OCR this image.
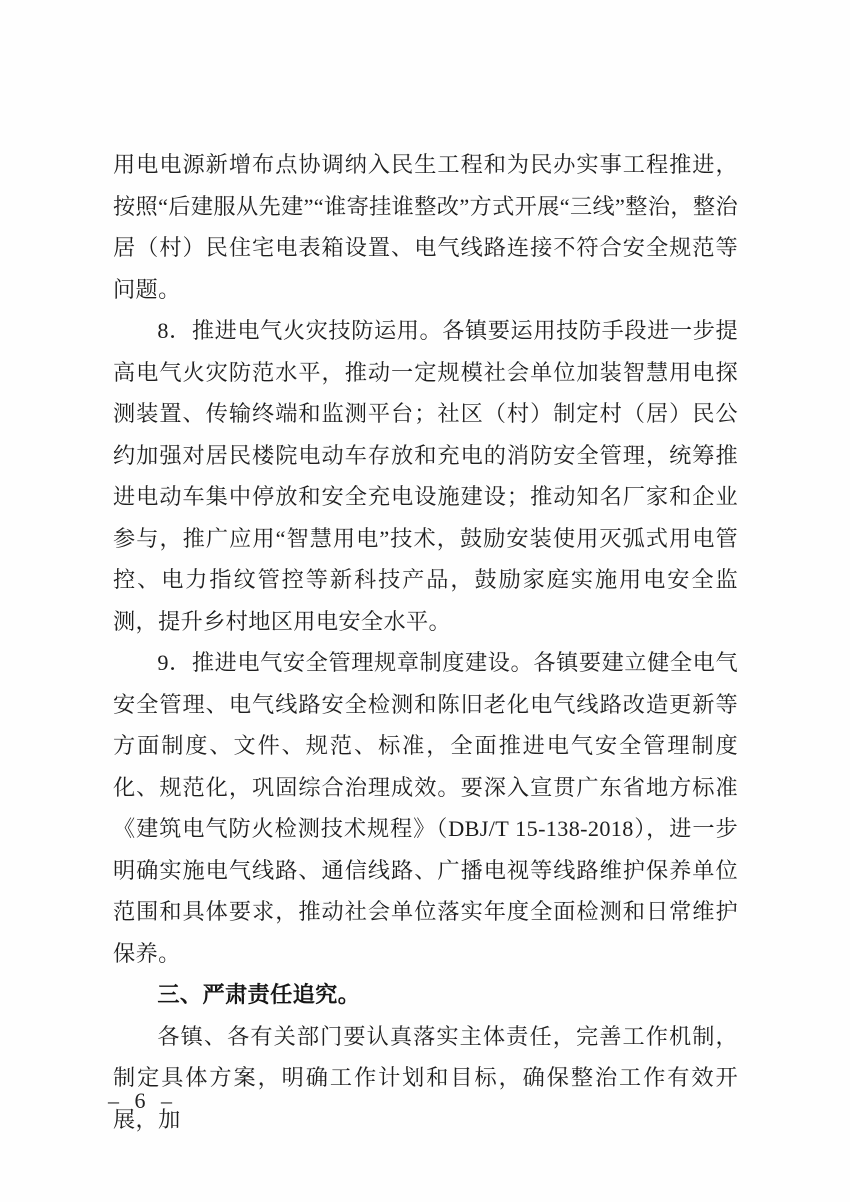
用电电源新增布点协调纳入民生工程和为民办实事工程推进，按照“后建服从先建”“谁寄挂谁整改”方式开展“三线”整治，整治居（村）民住宅电表箱设置、电气线路连接不符合安全规范等问题。

8．推进电气火灾技防运用。各镇要运用技防手段进一步提高电气火灾防范水平，推动一定规模社会单位加装智慧用电探测装置、传输终端和监测平台；社区（村）制定村（居）民公约加强对居民楼院电动车存放和充电的消防安全管理，统筹推进电动车集中停放和安全充电设施建设；推动知名厂家和企业参与，推广应用“智慧用电”技术，鼓励安装使用灭弧式用电管控、电力指纹管控等新科技产品，鼓励家庭实施用电安全监测，提升乡村地区用电安全水平。

9．推进电气安全管理规章制度建设。各镇要建立健全电气安全管理、电气线路安全检测和陈旧老化电气线路改造更新等方面制度、文件、规范、标准，全面推进电气安全管理制度化、规范化，巩固综合治理成效。要深入宣贯广东省地方标准《建筑电气防火检测技术规程》（DBJ/T 15-138-2018），进一步明确实施电气线路、通信线路、广播电视等线路维护保养单位范围和具体要求，推动社会单位落实年度全面检测和日常维护保养。

三、严肃责任追究。

各镇、各有关部门要认真落实主体责任，完善工作机制，制定具体方案，明确工作计划和目标，确保整治工作有效开展，加

– 6 –
